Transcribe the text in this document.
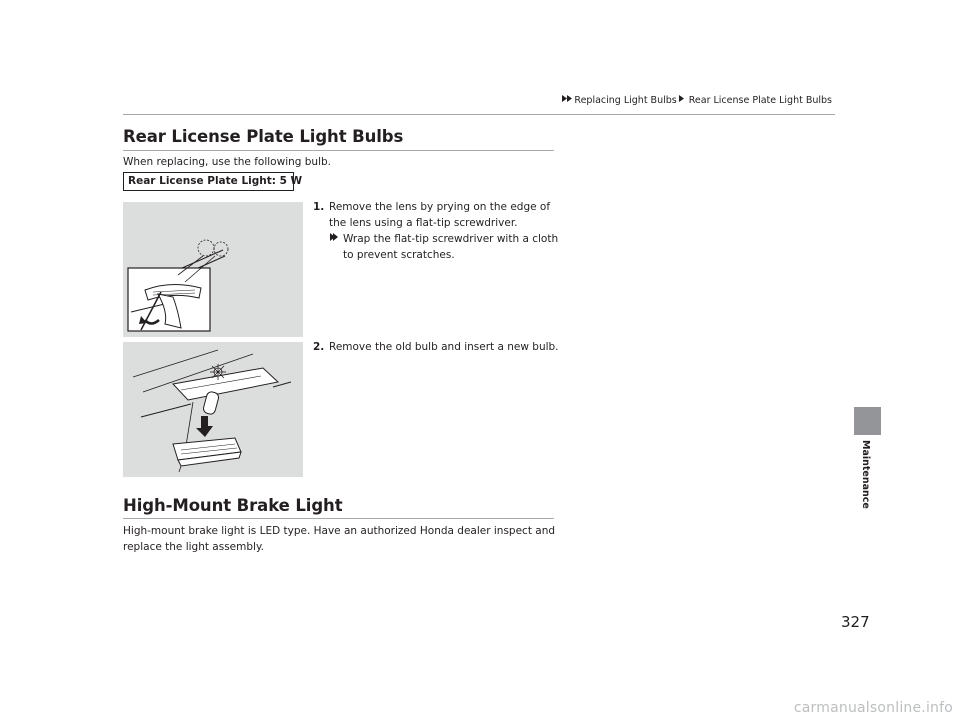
Replacing Light Bulbs Rear License Plate Light Bulbs
Rear License Plate Light Bulbs
When replacing, use the following bulb.
Rear License Plate Light: 5 W
1. Remove the lens by prying on the edge of
the lens using a flat-tip screwdriver.
Wrap the flat-tip screwdriver with a cloth
to prevent scratches.
2. Remove the old bulb and insert a new bulb.
High-Mount Brake Light
High-mount brake light is LED type. Have an authorized Honda dealer inspect and
replace the light assembly.
Maintenance
327
carmanualsonline.info
